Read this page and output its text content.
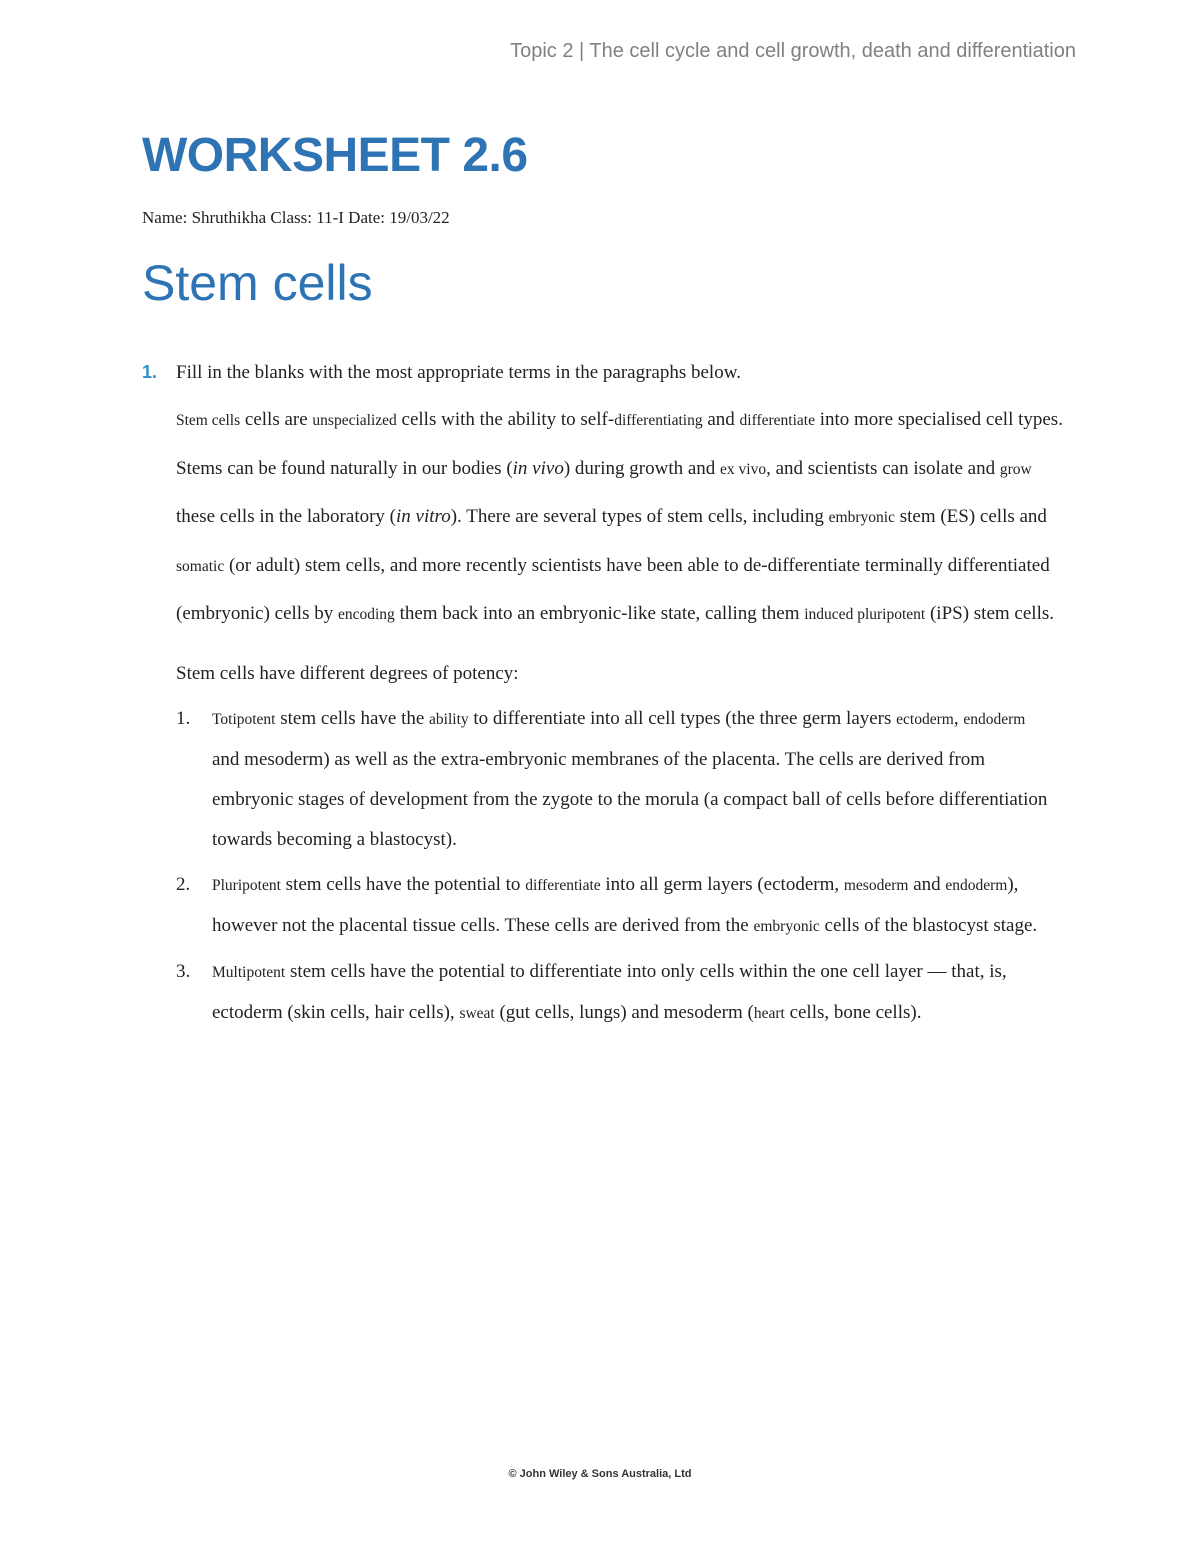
Topic 2 | The cell cycle and cell growth, death and differentiation
WORKSHEET 2.6
Name: Shruthikha Class: 11-I Date: 19/03/22
Stem cells
1. Fill in the blanks with the most appropriate terms in the paragraphs below.

Stem cells cells are unspecialized cells with the ability to self-differentiating and differentiate into more specialised cell types. Stems can be found naturally in our bodies (in vivo) during growth and ex vivo, and scientists can isolate and grow these cells in the laboratory (in vitro). There are several types of stem cells, including embryonic stem (ES) cells and somatic (or adult) stem cells, and more recently scientists have been able to de-differentiate terminally differentiated (embryonic) cells by encoding them back into an embryonic-like state, calling them induced pluripotent (iPS) stem cells.

Stem cells have different degrees of potency:
1.	Totipotent stem cells have the ability to differentiate into all cell types (the three germ layers ectoderm, endoderm and mesoderm) as well as the extra-embryonic membranes of the placenta. The cells are derived from embryonic stages of development from the zygote to the morula (a compact ball of cells before differentiation towards becoming a blastocyst).
2.	Pluripotent stem cells have the potential to differentiate into all germ layers (ectoderm, mesoderm and endoderm), however not the placental tissue cells. These cells are derived from the embryonic cells of the blastocyst stage.
3.	Multipotent stem cells have the potential to differentiate into only cells within the one cell layer — that, is, ectoderm (skin cells, hair cells), sweat (gut cells, lungs) and mesoderm (heart cells, bone cells).
© John Wiley & Sons Australia, Ltd
